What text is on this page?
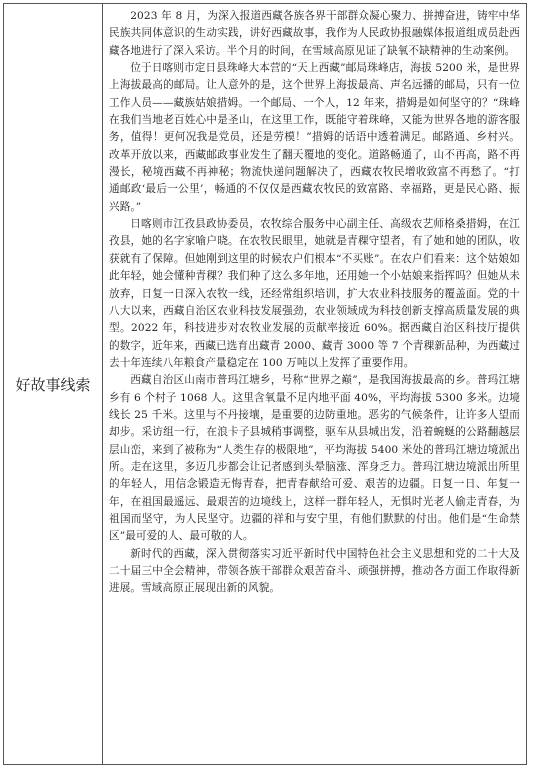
好故事线索

2023 年 8 月，为深入报道西藏各族各界干部群众凝心聚力、拼搏奋进，铸牢中华民族共同体意识的生动实践，讲好西藏故事，我作为人民政协报融媒体报道组成员赴西藏各地进行了深入采访。半个月的时间，在雪域高原见证了缺氧不缺精神的生动案例。

位于日喀则市定日县珠峰大本营的“天上西藏”邮局珠峰店，海拔 5200 米，是世界上海拔最高的邮局。让人意外的是，这个世界上海拔最高、声名远播的邮局，只有一位工作人员——藏族姑娘措姆。一个邮局、一个人，12 年来，措姆是如何坚守的？“珠峰在我们当地老百姓心中是圣山，在这里工作，既能守着珠峰，又能为世界各地的游客服务，值得！更何况我是党员，还是劳模！”措姆的话语中透着满足。邮路通、乡村兴。改革开放以来，西藏邮政事业发生了翻天覆地的变化。道路畅通了，山不再高，路不再漫长，秘境西藏不再神秘；物流快递问题解决了，西藏农牧民增收致富不再愁了。“打通邮政‘最后一公里’，畅通的不仅仅是西藏农牧民的致富路、幸福路，更是民心路、振兴路。”

日喀则市江孜县政协委员，农牧综合服务中心副主任、高级农艺师格桑措姆，在江孜县，她的名字家喻户晓。在农牧民眼里，她就是青稞守望者，有了她和她的团队，收获就有了保障。但她刚到这里的时候农户们根本“不买账”。在农户们看来：这个姑娘如此年轻，她会懂种青稞？我们种了这么多年地，还用她一个小姑娘来指挥吗？但她从未放弃，日复一日深入农牧一线，还经常组织培训，扩大农业科技服务的覆盖面。党的十八大以来，西藏自治区农业科技发展强劲，农业领域成为科技创新支撑高质量发展的典型。2022 年，科技进步对农牧业发展的贡献率接近 60%。据西藏自治区科技厅提供的数字，近年来，西藏已选育出藏青 2000、藏青 3000 等 7 个青稞新品种，为西藏过去十年连续八年粮食产量稳定在 100 万吨以上发挥了重要作用。

西藏自治区山南市普玛江塘乡，号称“世界之巅”，是我国海拔最高的乡。普玛江塘乡有 6 个村子 1068 人。这里含氧量不足内地平面 40%，平均海拔 5300 多米。边境线长 25 千米。这里与不丹接壤，是重要的边防重地。恶劣的气候条件，让许多人望而却步。采访组一行，在浪卡子县城稍事调整，驱车从县城出发，沿着蜿蜒的公路翻越层层山峦，来到了被称为“人类生存的极限地”，平均海拔 5400 米处的普玛江塘边境派出所。走在这里，多迈几步都会让记者感到头晕脑涨、浑身乏力。普玛江塘边境派出所里的年轻人，用信念锻造无悔青春，把青春献给可爱、艰苦的边疆。日复一日、年复一年，在祖国最遥远、最艰苦的边境线上，这样一群年轻人，无惧时光老人偷走青春，为祖国而坚守，为人民坚守。边疆的祥和与安宁里，有他们默默的付出。他们是“生命禁区”最可爱的人、最可敬的人。

新时代的西藏，深入贯彻落实习近平新时代中国特色社会主义思想和党的二十大及二十届三中全会精神，带领各族干部群众艰苦奋斗、顽强拼搏，推动各方面工作取得新进展。雪域高原正展现出新的风貌。
